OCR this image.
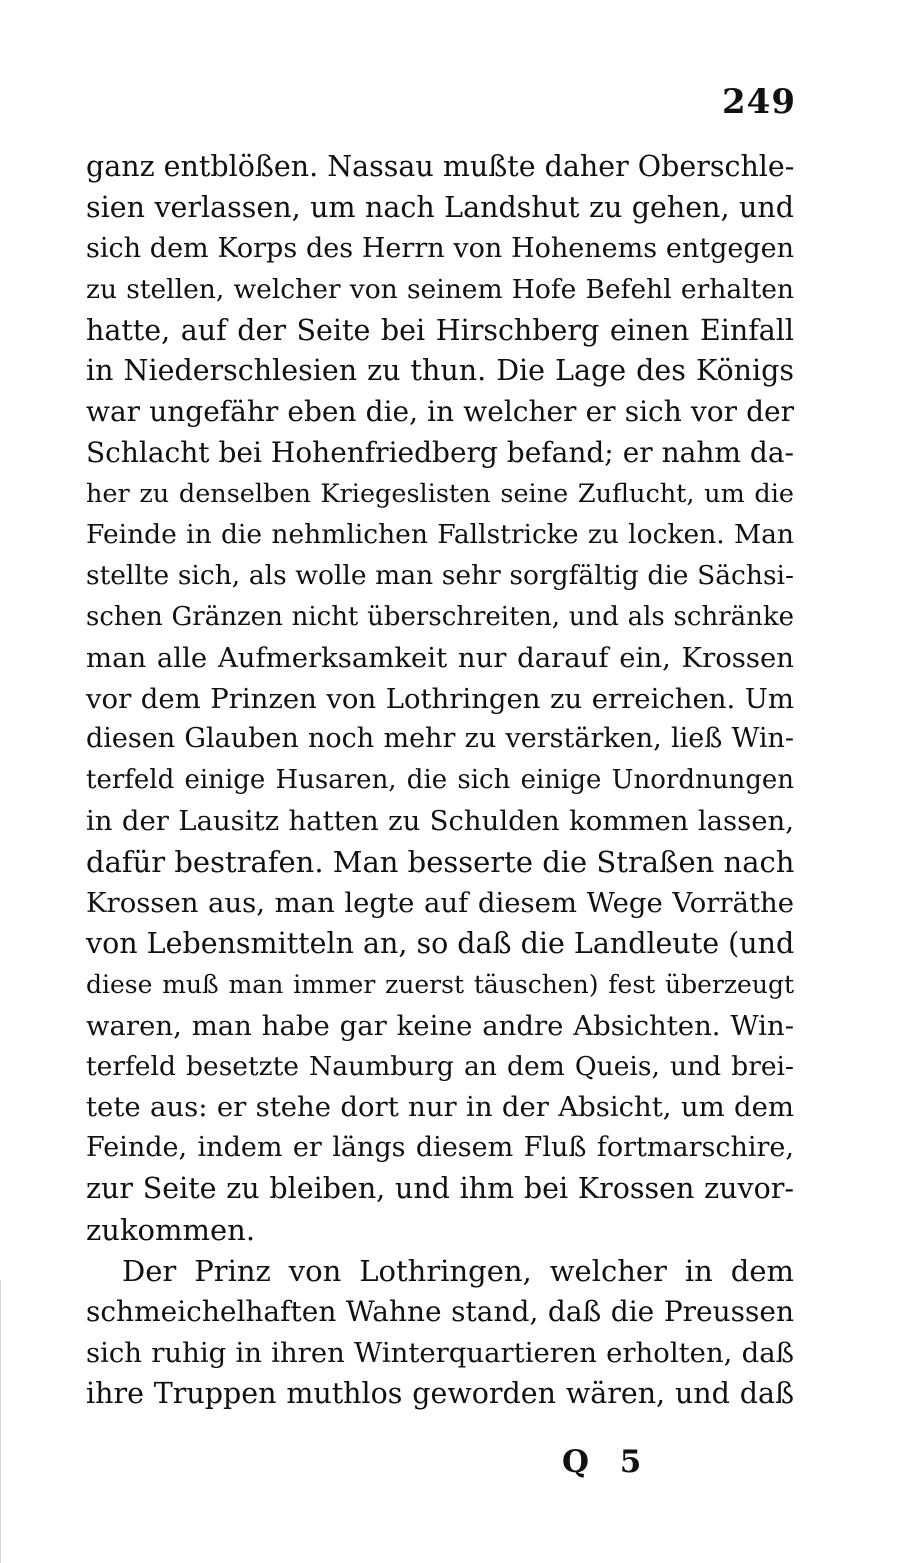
249
ganz entblößen. Nassau mußte daher Oberschle-
sien verlassen, um nach Landshut zu gehen, und
sich dem Korps des Herrn von Hohenems entgegen
zu stellen, welcher von seinem Hofe Befehl erhalten
hatte, auf der Seite bei Hirschberg einen Einfall
in Niederschlesien zu thun. Die Lage des Königs
war ungefähr eben die, in welcher er sich vor der
Schlacht bei Hohenfriedberg befand; er nahm da-
her zu denselben Kriegeslisten seine Zuflucht, um die
Feinde in die nehmlichen Fallstricke zu locken. Man
stellte sich, als wolle man sehr sorgfältig die Sächsi-
schen Gränzen nicht überschreiten, und als schränke
man alle Aufmerksamkeit nur darauf ein, Krossen
vor dem Prinzen von Lothringen zu erreichen. Um
diesen Glauben noch mehr zu verstärken, ließ Win-
terfeld einige Husaren, die sich einige Unordnungen
in der Lausitz hatten zu Schulden kommen lassen,
dafür bestrafen. Man besserte die Straßen nach
Krossen aus, man legte auf diesem Wege Vorräthe
von Lebensmitteln an, so daß die Landleute (und
diese muß man immer zuerst täuschen) fest überzeugt
waren, man habe gar keine andre Absichten. Win-
terfeld besetzte Naumburg an dem Queis, und brei-
tete aus: er stehe dort nur in der Absicht, um dem
Feinde, indem er längs diesem Fluß fortmarschire,
zur Seite zu bleiben, und ihm bei Krossen zuvor-
zukommen.
Der Prinz von Lothringen, welcher in dem
schmeichelhaften Wahne stand, daß die Preussen
sich ruhig in ihren Winterquartieren erholten, daß
ihre Truppen muthlos geworden wären, und daß
Q 5
